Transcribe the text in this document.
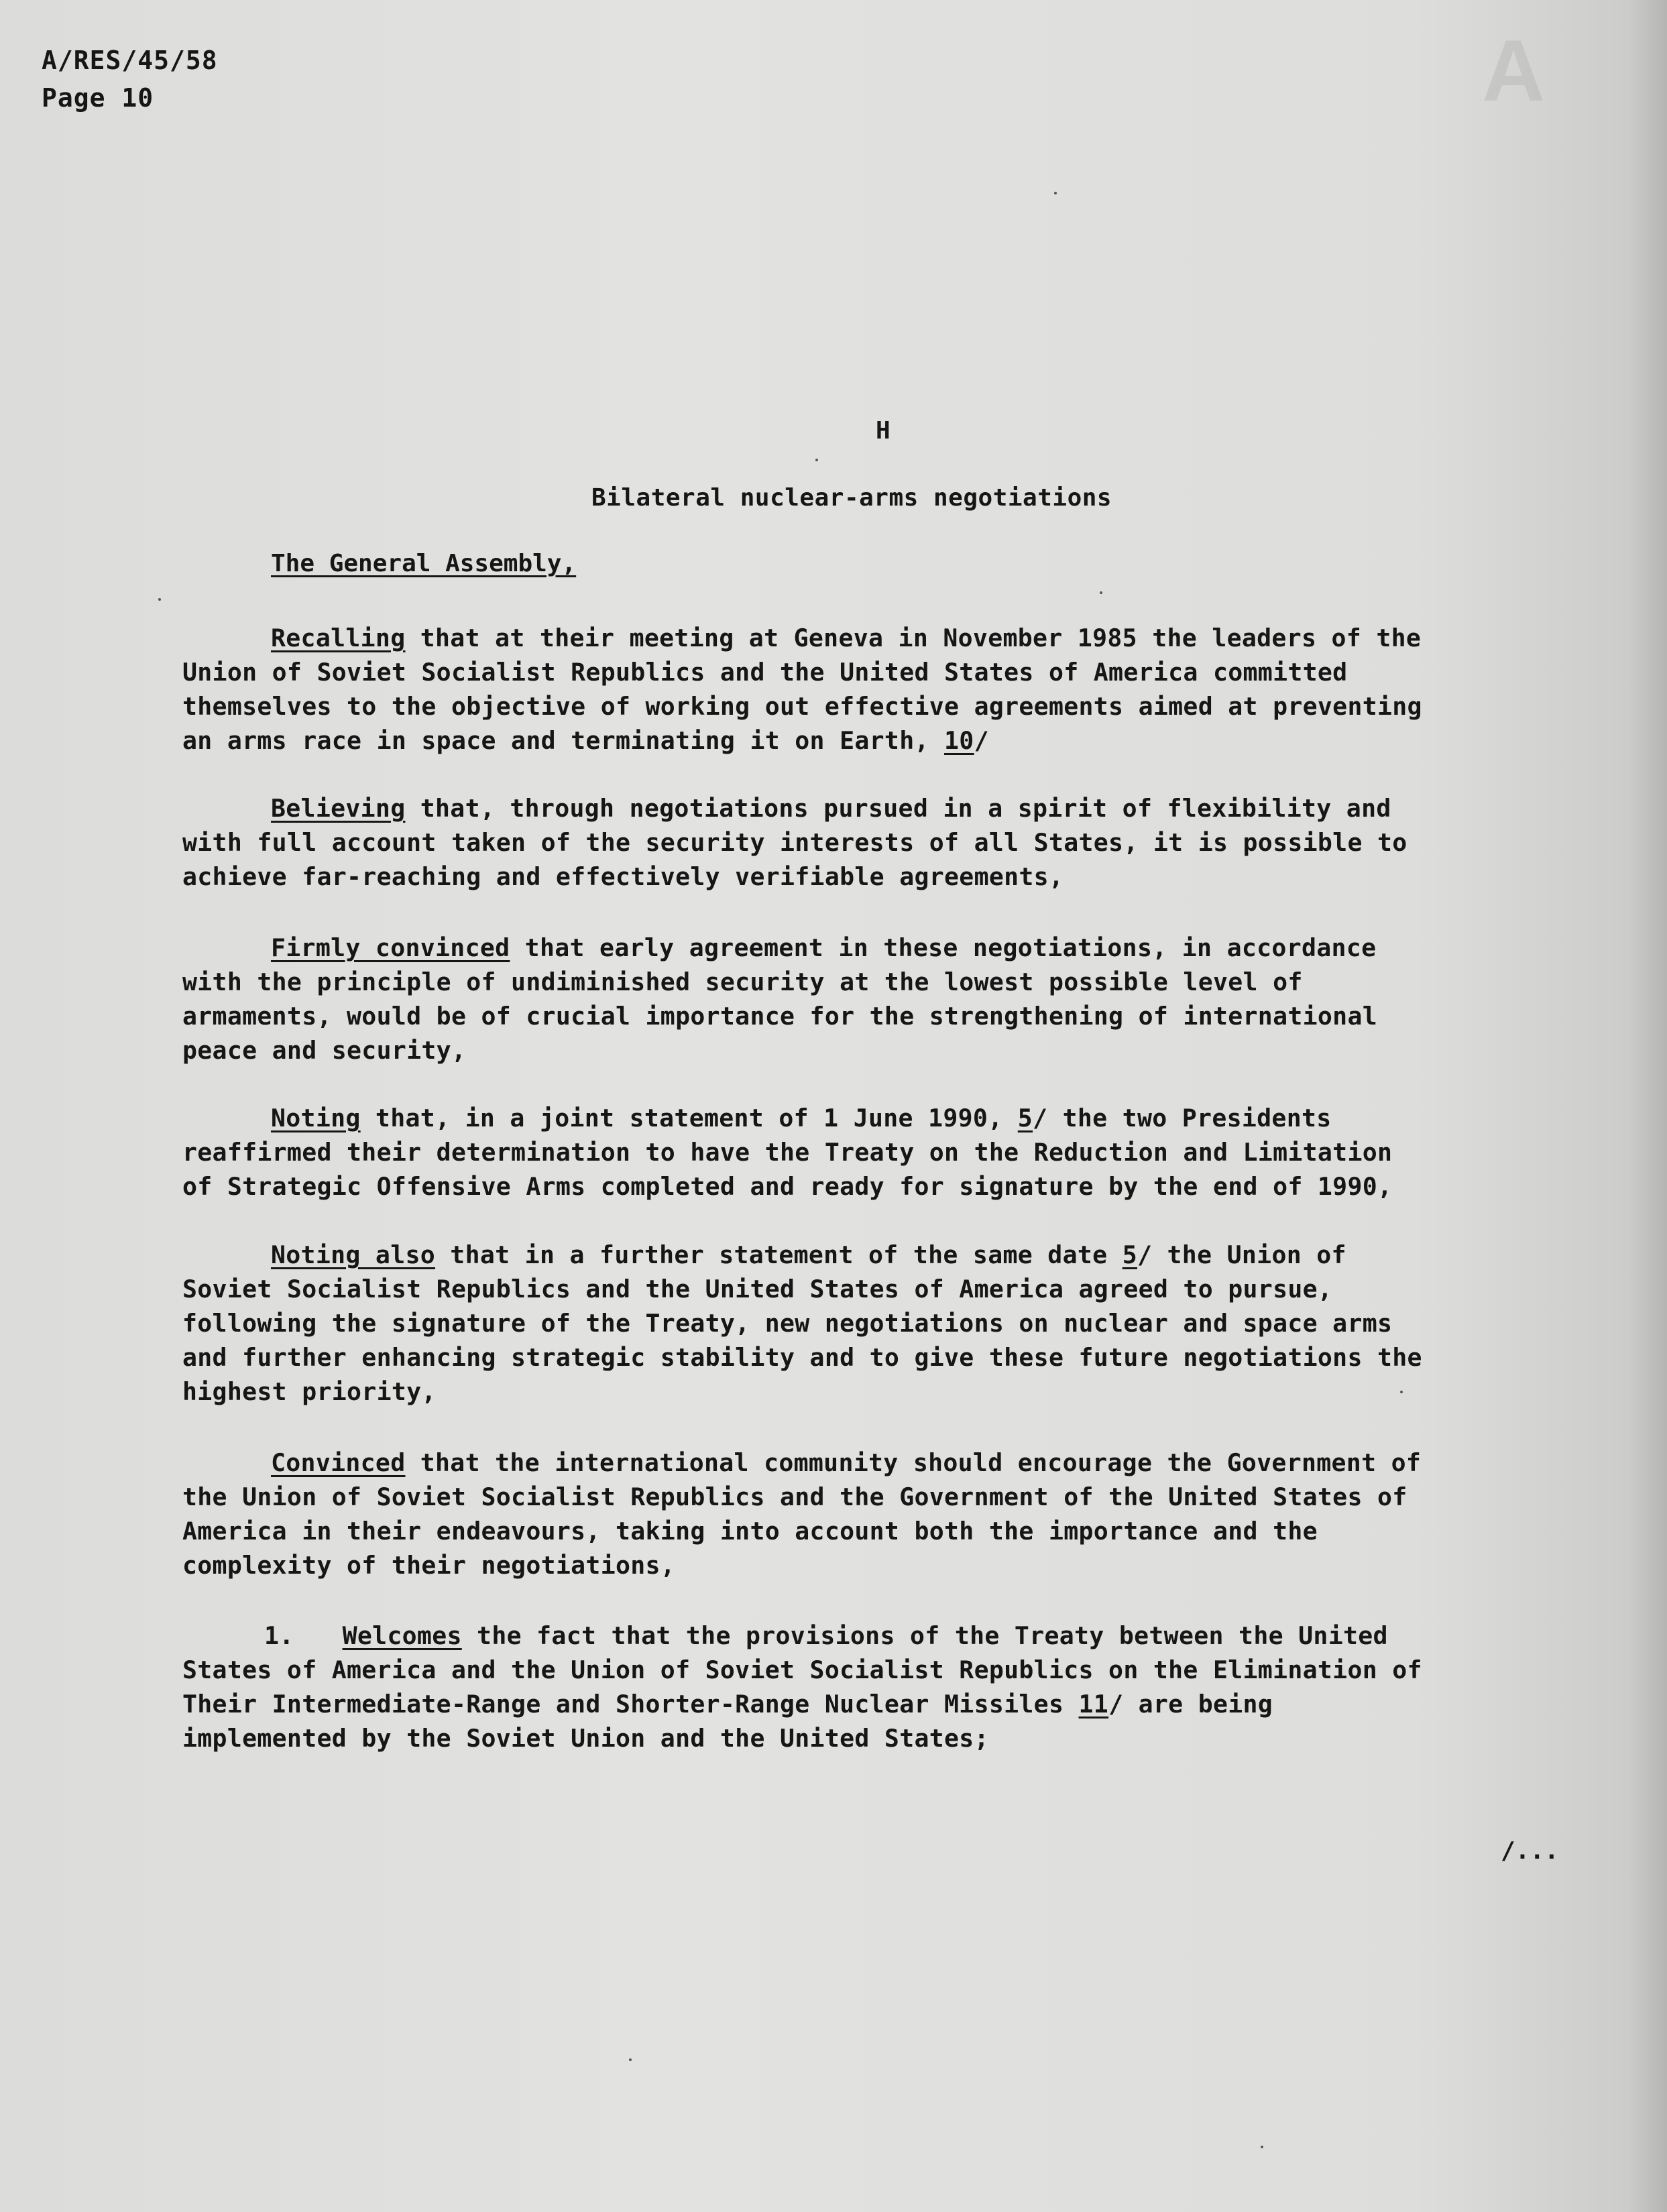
A
A/RES/45/58
Page 10
H
Bilateral nuclear-arms negotiations
The General Assembly,
Recalling that at their meeting at Geneva in November 1985 the leaders of the
Union of Soviet Socialist Republics and the United States of America committed
themselves to the objective of working out effective agreements aimed at preventing
an arms race in space and terminating it on Earth, 10/
Believing that, through negotiations pursued in a spirit of flexibility and
with full account taken of the security interests of all States, it is possible to
achieve far-reaching and effectively verifiable agreements,
Firmly convinced that early agreement in these negotiations, in accordance
with the principle of undiminished security at the lowest possible level of
armaments, would be of crucial importance for the strengthening of international
peace and security,
Noting that, in a joint statement of 1 June 1990, 5/ the two Presidents
reaffirmed their determination to have the Treaty on the Reduction and Limitation
of Strategic Offensive Arms completed and ready for signature by the end of 1990,
Noting also that in a further statement of the same date 5/ the Union of
Soviet Socialist Republics and the United States of America agreed to pursue,
following the signature of the Treaty, new negotiations on nuclear and space arms
and further enhancing strategic stability and to give these future negotiations the
highest priority,
Convinced that the international community should encourage the Government of
the Union of Soviet Socialist Republics and the Government of the United States of
America in their endeavours, taking into account both the importance and the
complexity of their negotiations,
1. Welcomes the fact that the provisions of the Treaty between the United
States of America and the Union of Soviet Socialist Republics on the Elimination of
Their Intermediate-Range and Shorter-Range Nuclear Missiles 11/ are being
implemented by the Soviet Union and the United States;
/...
